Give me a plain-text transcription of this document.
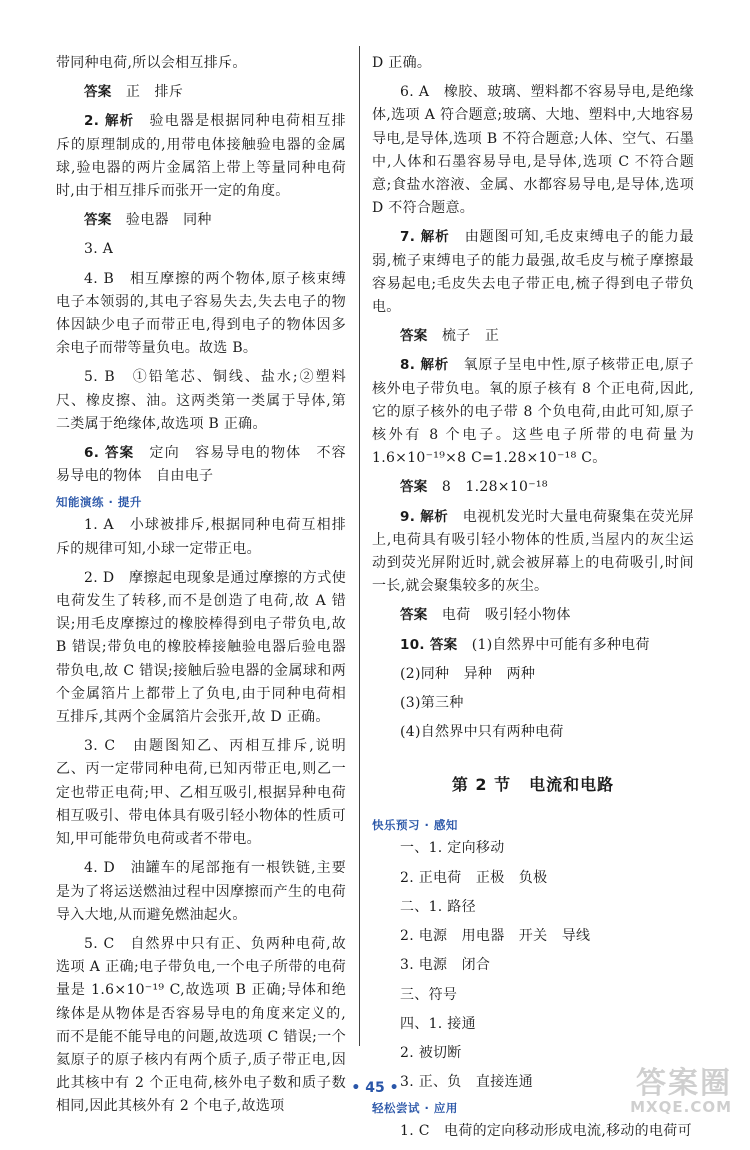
带同种电荷,所以会相互排斥。

答案　 正　排斥

2. 解析　 验电器是根据同种电荷相互排斥的原理制成的,用带电体接触验电器的金属球,验电器的两片金属箔上带上等量同种电荷时,由于相互排斥而张开一定的角度。

答案　 验电器　同种

3. A

4. B　相互摩擦的两个物体,原子核束缚电子本领弱的,其电子容易失去,失去电子的物体因缺少电子而带正电,得到电子的物体因多余电子而带等量负电。故选 B。

5. B　①铅笔芯、铜线、盐水;②塑料尺、橡皮擦、油。这两类第一类属于导体,第二类属于绝缘体,故选项 B 正确。

6. 答案　 定向　容易导电的物体　不容易导电的物体　自由电子

知能演练 · 提升

1. A　小球被排斥,根据同种电荷互相排斥的规律可知,小球一定带正电。

2. D　摩擦起电现象是通过摩擦的方式使电荷发生了转移,而不是创造了电荷,故 A 错误;用毛皮摩擦过的橡胶棒得到电子带负电,故 B 错误;带负电的橡胶棒接触验电器后验电器带负电,故 C 错误;接触后验电器的金属球和两个金属箔片上都带上了负电,由于同种电荷相互排斥,其两个金属箔片会张开,故 D 正确。

3. C　由题图知乙、丙相互排斥,说明乙、丙一定带同种电荷,已知丙带正电,则乙一定也带正电荷;甲、乙相互吸引,根据异种电荷相互吸引、带电体具有吸引轻小物体的性质可知,甲可能带负电荷或者不带电。

4. D　油罐车的尾部拖有一根铁链,主要是为了将运送燃油过程中因摩擦而产生的电荷导入大地,从而避免燃油起火。

5. C　自然界中只有正、负两种电荷,故选项 A 正确;电子带负电,一个电子所带的电荷量是 1.6×10⁻¹⁹ C,故选项 B 正确;导体和绝缘体是从物体是否容易导电的角度来定义的,而不是能不能导电的问题,故选项 C 错误;一个氦原子的原子核内有两个质子,质子带正电,因此其核中有 2 个正电荷,核外电子数和质子数相同,因此其核外有 2 个电子,故选项

D 正确。

6. A　橡胶、玻璃、塑料都不容易导电,是绝缘体,选项 A 符合题意;玻璃、大地、塑料中,大地容易导电,是导体,选项 B 不符合题意;人体、空气、石墨中,人体和石墨容易导电,是导体,选项 C 不符合题意;食盐水溶液、金属、水都容易导电,是导体,选项 D 不符合题意。

7. 解析　 由题图可知,毛皮束缚电子的能力最弱,梳子束缚电子的能力最强,故毛皮与梳子摩擦最容易起电;毛皮失去电子带正电,梳子得到电子带负电。

答案　 梳子　正

8. 解析　 氧原子呈电中性,原子核带正电,原子核外电子带负电。氧的原子核有 8 个正电荷,因此,它的原子核外的电子带 8 个负电荷,由此可知,原子核外有 8 个电子。这些电子所带的电荷量为 1.6×10⁻¹⁹×8 C=1.28×10⁻¹⁸ C。

答案　 8　1.28×10⁻¹⁸

9. 解析　 电视机发光时大量电荷聚集在荧光屏上,电荷具有吸引轻小物体的性质,当屋内的灰尘运动到荧光屏附近时,就会被屏幕上的电荷吸引,时间一长,就会聚集较多的灰尘。

答案　 电荷　吸引轻小物体

10. 答案　 (1)自然界中可能有多种电荷

(2)同种　异种　两种

(3)第三种

(4)自然界中只有两种电荷

第 2 节 电流和电路
快乐预习 · 感知

一、1. 定向移动

2. 正电荷　正极　负极

二、1. 路径

2. 电源　用电器　开关　导线

3. 电源　闭合

三、符号

四、1. 接通

2. 被切断

3. 正、负　直接连通

轻松尝试 · 应用

1. C　电荷的定向移动形成电流,移动的电荷可

• 45 •	答案圈
MXQE.COM
